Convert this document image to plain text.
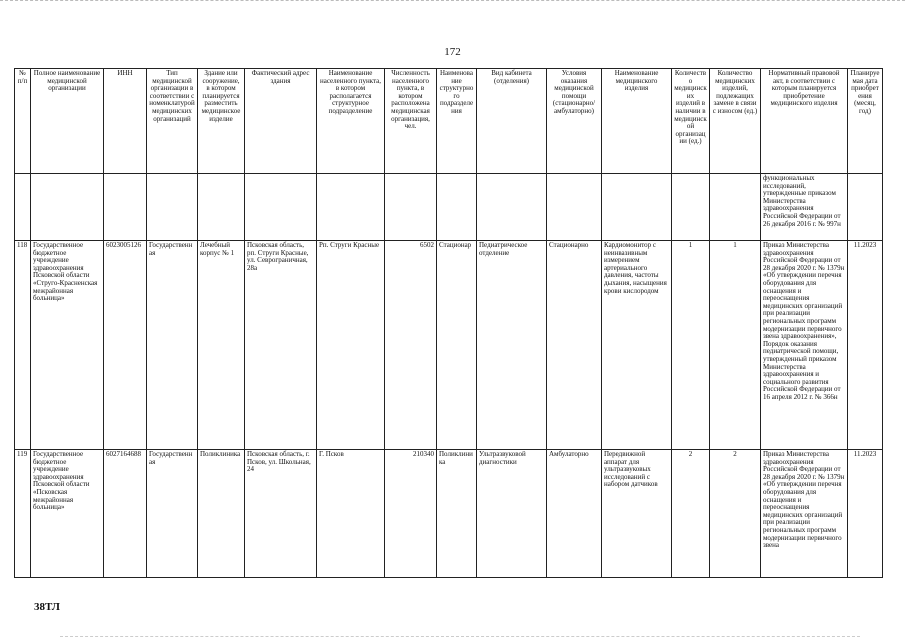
172
№ п/п	Полное наименование медицинской организации	ИНН	Тип медицинской организации в соответствии с номенклатурой медицинских организаций	Здание или сооружение, в котором планируется разместить медицинское изделие	Фактический адрес здания	Наименование населенного пункта, в котором располагается структурное подразделение	Численность населенного пункта, в котором расположена медицинская организация, чел.	Наименование структурного подразделения	Вид кабинета (отделения)	Условия оказания медицинской помощи (стационарно/ амбулаторно)	Наименование медицинского изделия	Количество медицинских изделий в наличии в медицинской организации (ед.)	Количество медицинских изделий, подлежащих замене в связи с износом (ед.)	Нормативный правовой акт, в соответствии с которым планируется приобретение медицинского изделия	Планируемая дата приобретения (месяц, год)
														функциональных исследований, утвержденные приказом Министерства здравоохранения Российской Федерации от 26 декабря 2016 г. № 997н	
118	Государственное бюджетное учреждение здравоохранения Псковской области «Струго-Красненская межрайонная больница»	6023005126	Государственная	Лечебный корпус № 1	Псковская область, рп. Струги Красные, ул. Севрограничная, 28а	Рп. Струги Красные	6502	Стационар	Педиатрическое отделение	Стационарно	Кардиомонитор с неинвазивным измерением артериального давления, частоты дыхания, насыщения крови кислородом	1	1	Приказ Министерства здравоохранения Российской Федерации от 28 декабря 2020 г. № 1379н «Об утверждении перечня оборудования для оснащения и переоснащения медицинских организаций при реализации региональных программ модернизации первичного звена здравоохранения», Порядок оказания педиатрической помощи, утвержденный приказом Министерства здравоохранения и социального развития Российской Федерации от 16 апреля 2012 г. № 366н	11.2023
119	Государственное бюджетное учреждение здравоохранения Псковской области «Псковская межрайонная больница»	6027164688	Государственная	Поликлиника	Псковская область, г. Псков, ул. Школьная, 24	Г. Псков	210340	Поликлиника	Ультразвуковой диагностики	Амбулаторно	Передвижной аппарат для ультразвуковых исследований с набором датчиков	2	2	Приказ Министерства здравоохранения Российской Федерации от 28 декабря 2020 г. № 1379н «Об утверждении перечня оборудования для оснащения и переоснащения медицинских организаций при реализации региональных программ модернизации первичного звена	11.2023
38ТЛ
